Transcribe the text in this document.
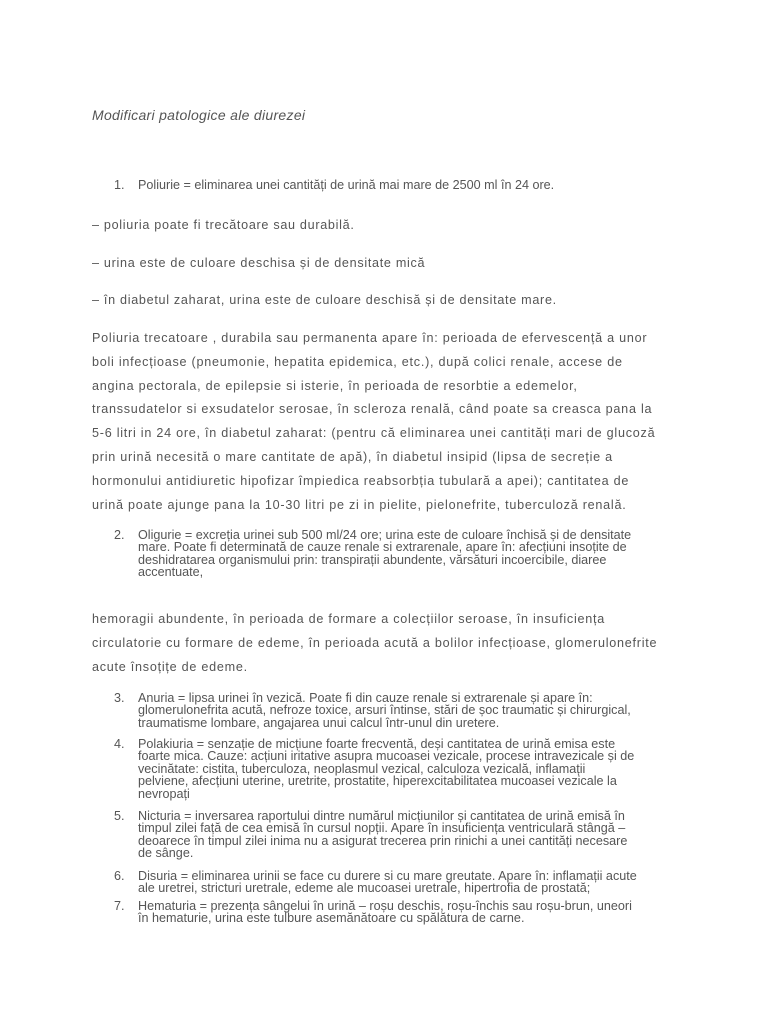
Modificari patologice ale diurezei
1. Poliurie = eliminarea unei cantități de urină mai mare de 2500 ml în 24 ore.
– poliuria poate fi trecătoare sau durabilă.
– urina este de culoare deschisa și de densitate mică
– în diabetul zaharat, urina este de culoare deschisă și de densitate mare.
Poliuria trecatoare , durabila sau permanenta apare în: perioada de efervescență a unor
boli infecțioase (pneumonie, hepatita epidemica, etc.), după colici renale, accese de
angina pectorala, de epilepsie si isterie, în perioada de resorbtie a edemelor,
transsudatelor si exsudatelor serosae, în scleroza renală, când poate sa creasca pana la
5-6 litri in 24 ore, în diabetul zaharat: (pentru că eliminarea unei cantități mari de glucoză
prin urină necesită o mare cantitate de apă), în diabetul insipid (lipsa de secreție a
hormonului antidiuretic hipofizar împiedica reabsorbția tubulară a apei); cantitatea de
urină poate ajunge pana la 10-30 litri pe zi in pielite, pielonefrite, tuberculoză renală.
2. Oligurie = excreția urinei sub 500 ml/24 ore; urina este de culoare închisă și de densitate
mare. Poate fi determinată de cauze renale si extrarenale, apare în: afecțiuni insoțite de
deshidratarea organismului prin: transpirații abundente, vărsături incoercibile, diaree
accentuate,
hemoragii abundente, în perioada de formare a colecțiilor seroase, în insuficiența
circulatorie cu formare de edeme, în perioada acută a bolilor infecțioase, glomerulonefrite
acute însoțițe de edeme.
3. Anuria = lipsa urinei în vezică. Poate fi din cauze renale si extrarenale și apare în:
glomerulonefrita acută, nefroze toxice, arsuri întinse, stări de șoc traumatic și chirurgical,
traumatisme lombare, angajarea unui calcul într-unul din uretere.
4. Polakiuria = senzație de micțiune foarte frecventă, deși cantitatea de urină emisa este
foarte mica. Cauze: acțiuni iritative asupra mucoasei vezicale, procese intravezicale și de
vecinătate: cistita, tuberculoza, neoplasmul vezical, calculoza vezicală, inflamații
pelviene, afecțiuni uterine, uretrite, prostatite, hiperexcitabilitatea mucoasei vezicale la
nevropați
5. Nicturia = inversarea raportului dintre numărul micțiunilor și cantitatea de urină emisă în
timpul zilei față de cea emisă în cursul nopții. Apare în insuficiența ventriculară stângă –
deoarece în timpul zilei inima nu a asigurat trecerea prin rinichi a unei cantități necesare
de sânge.
6. Disuria = eliminarea urinii se face cu durere si cu mare greutate. Apare în: inflamații acute
ale uretrei, stricturi uretrale, edeme ale mucoasei uretrale, hipertrofia de prostată;
7. Hematuria = prezența sângelui în urină – roșu deschis, roșu-închis sau roșu-brun, uneori
în hematurie, urina este tulbure asemănătoare cu spălătura de carne.
